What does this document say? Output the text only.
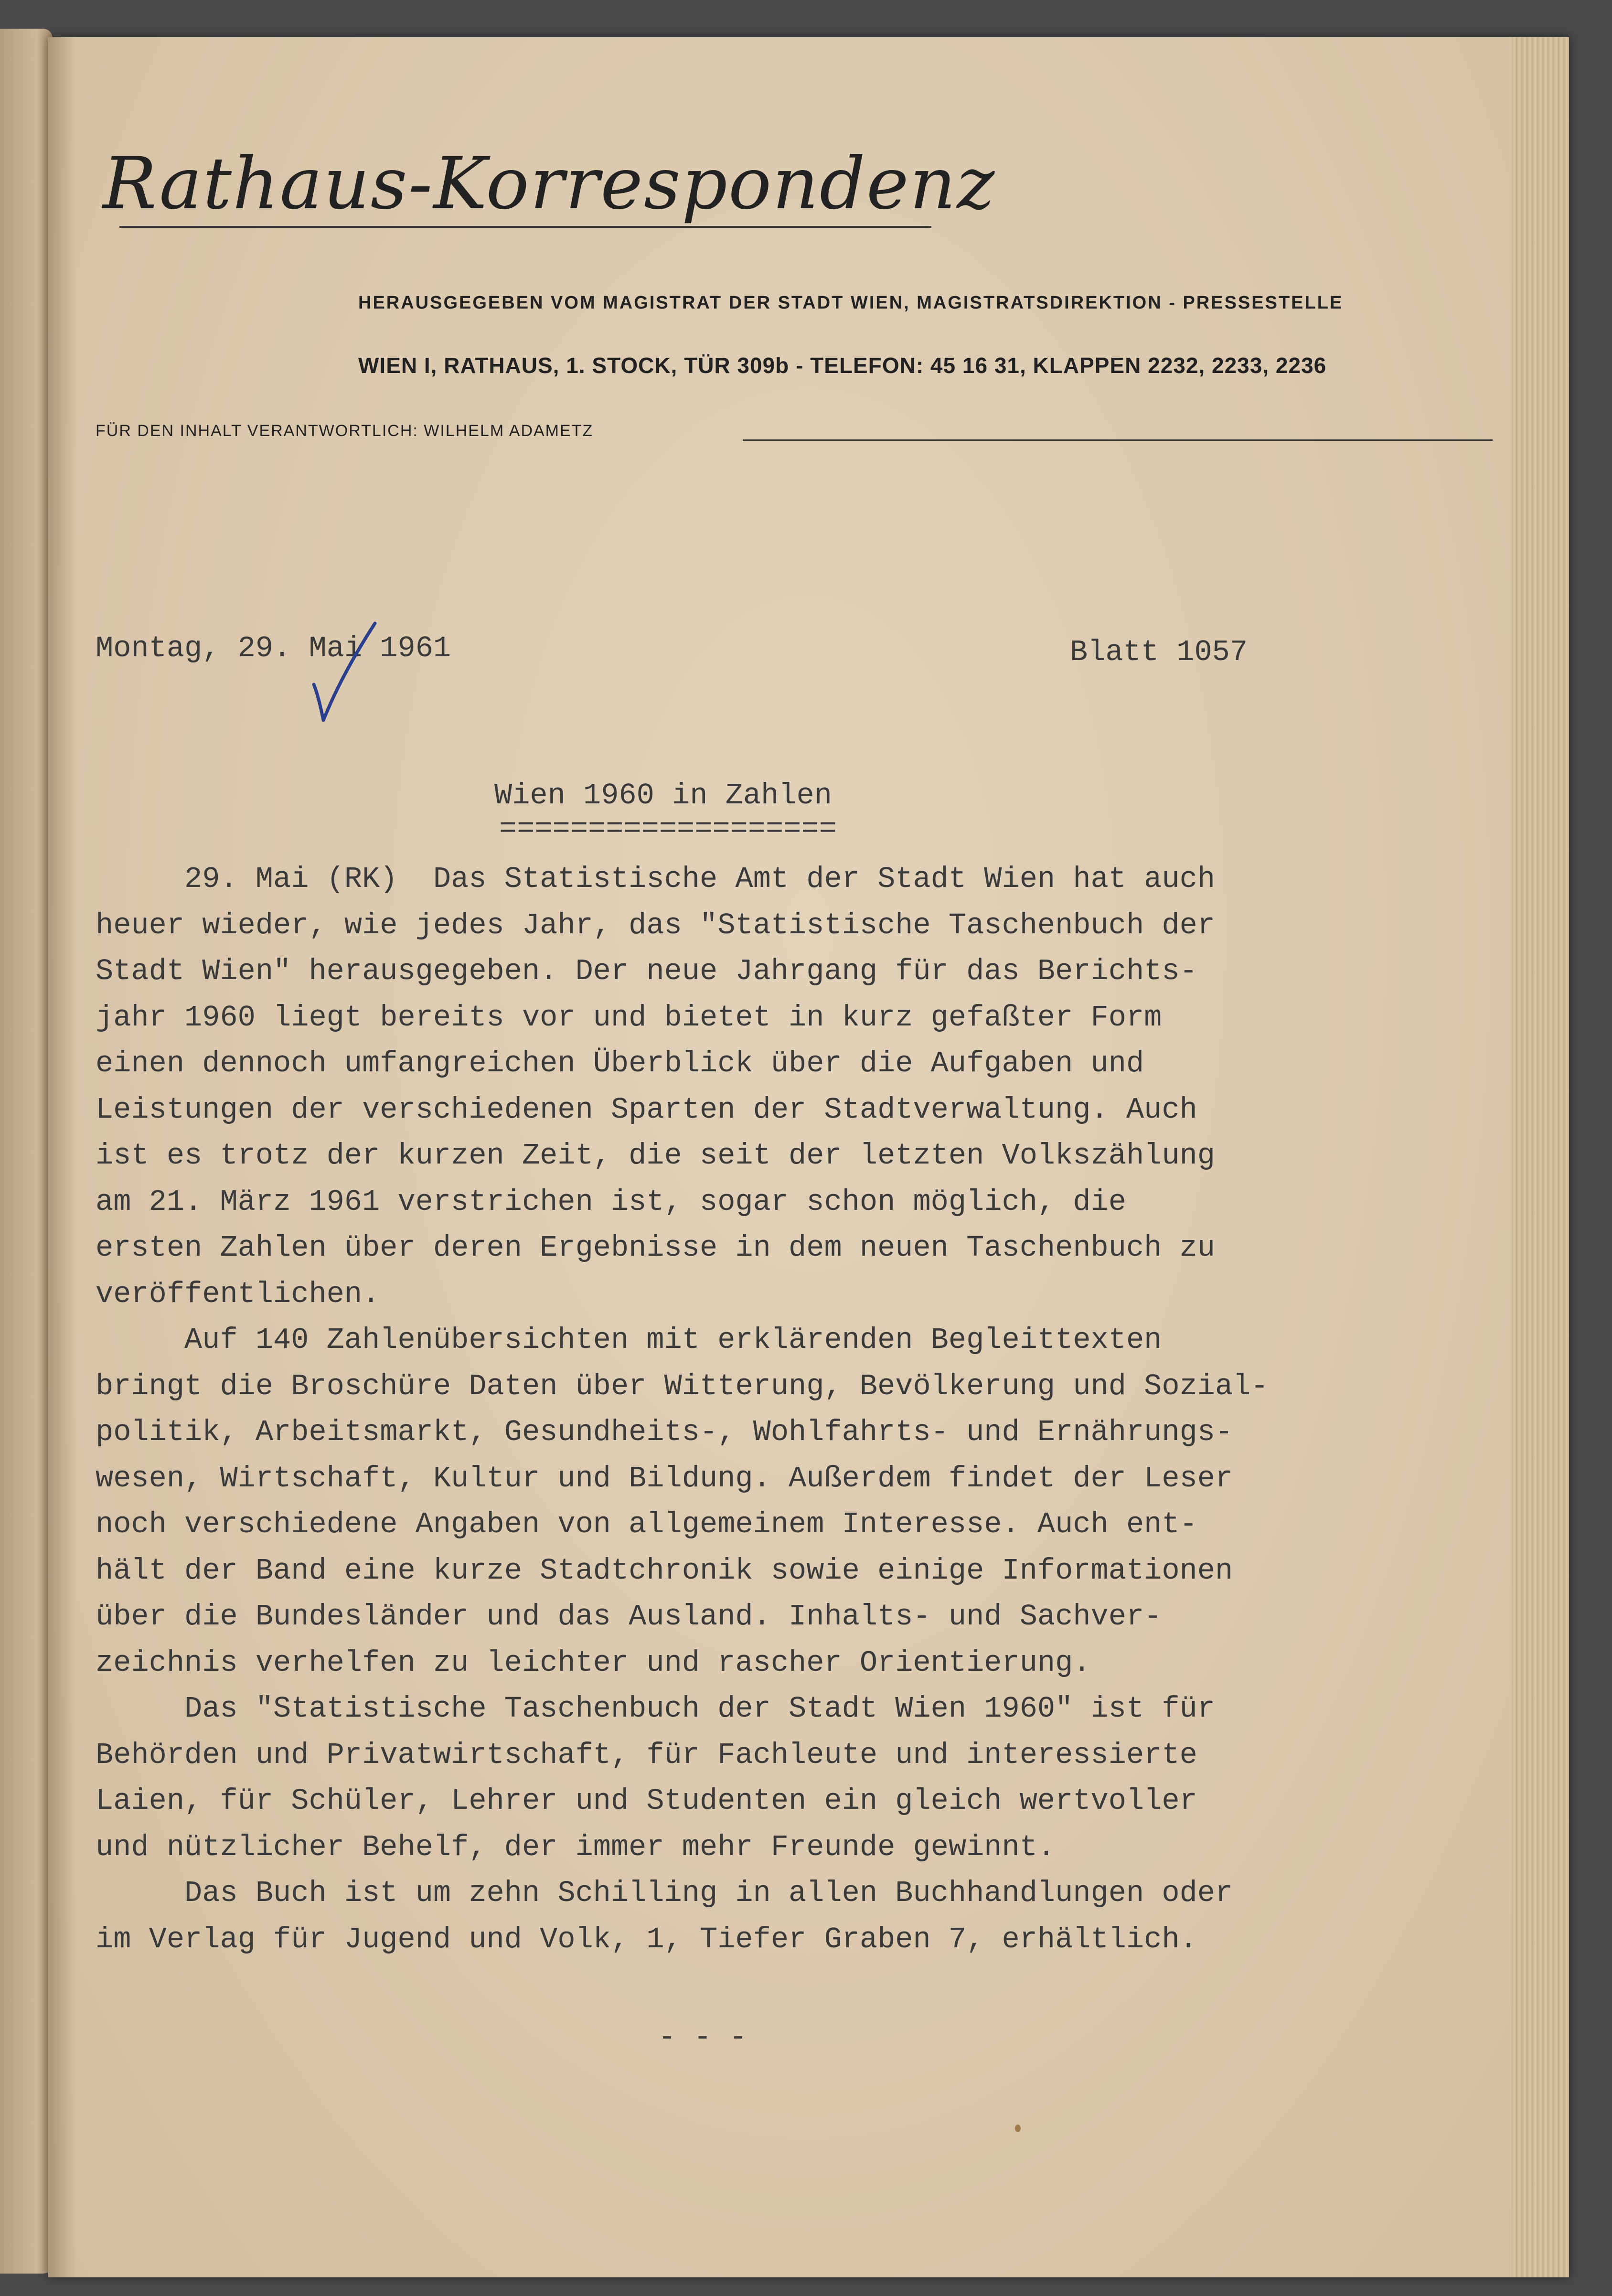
Rathaus-Korrespondenz
HERAUSGEGEBEN VOM MAGISTRAT DER STADT WIEN, MAGISTRATSDIREKTION - PRESSESTELLE
WIEN I, RATHAUS, 1. STOCK, TÜR 309b - TELEFON: 45 16 31, KLAPPEN 2232, 2233, 2236
FÜR DEN INHALT VERANTWORTLICH: WILHELM ADAMETZ
Montag, 29. Mai 1961	Blatt 1057
Wien 1960 in Zahlen
===================

29. Mai (RK)  Das Statistische Amt der Stadt Wien hat auch
heuer wieder, wie jedes Jahr, das "Statistische Taschenbuch der
Stadt Wien" herausgegeben. Der neue Jahrgang für das Berichts-
jahr 1960 liegt bereits vor und bietet in kurz gefaßter Form
einen dennoch umfangreichen Überblick über die Aufgaben und
Leistungen der verschiedenen Sparten der Stadtverwaltung. Auch
ist es trotz der kurzen Zeit, die seit der letzten Volkszählung
am 21. März 1961 verstrichen ist, sogar schon möglich, die
ersten Zahlen über deren Ergebnisse in dem neuen Taschenbuch zu
veröffentlichen.

Auf 140 Zahlenübersichten mit erklärenden Begleittexten
bringt die Broschüre Daten über Witterung, Bevölkerung und Sozial-
politik, Arbeitsmarkt, Gesundheits-, Wohlfahrts- und Ernährungs-
wesen, Wirtschaft, Kultur und Bildung. Außerdem findet der Leser
noch verschiedene Angaben von allgemeinem Interesse. Auch ent-
hält der Band eine kurze Stadtchronik sowie einige Informationen
über die Bundesländer und das Ausland. Inhalts- und Sachver-
zeichnis verhelfen zu leichter und rascher Orientierung.

Das "Statistische Taschenbuch der Stadt Wien 1960" ist für
Behörden und Privatwirtschaft, für Fachleute und interessierte
Laien, für Schüler, Lehrer und Studenten ein gleich wertvoller
und nützlicher Behelf, der immer mehr Freunde gewinnt.

Das Buch ist um zehn Schilling in allen Buchhandlungen oder
im Verlag für Jugend und Volk, 1, Tiefer Graben 7, erhältlich.

- - -
